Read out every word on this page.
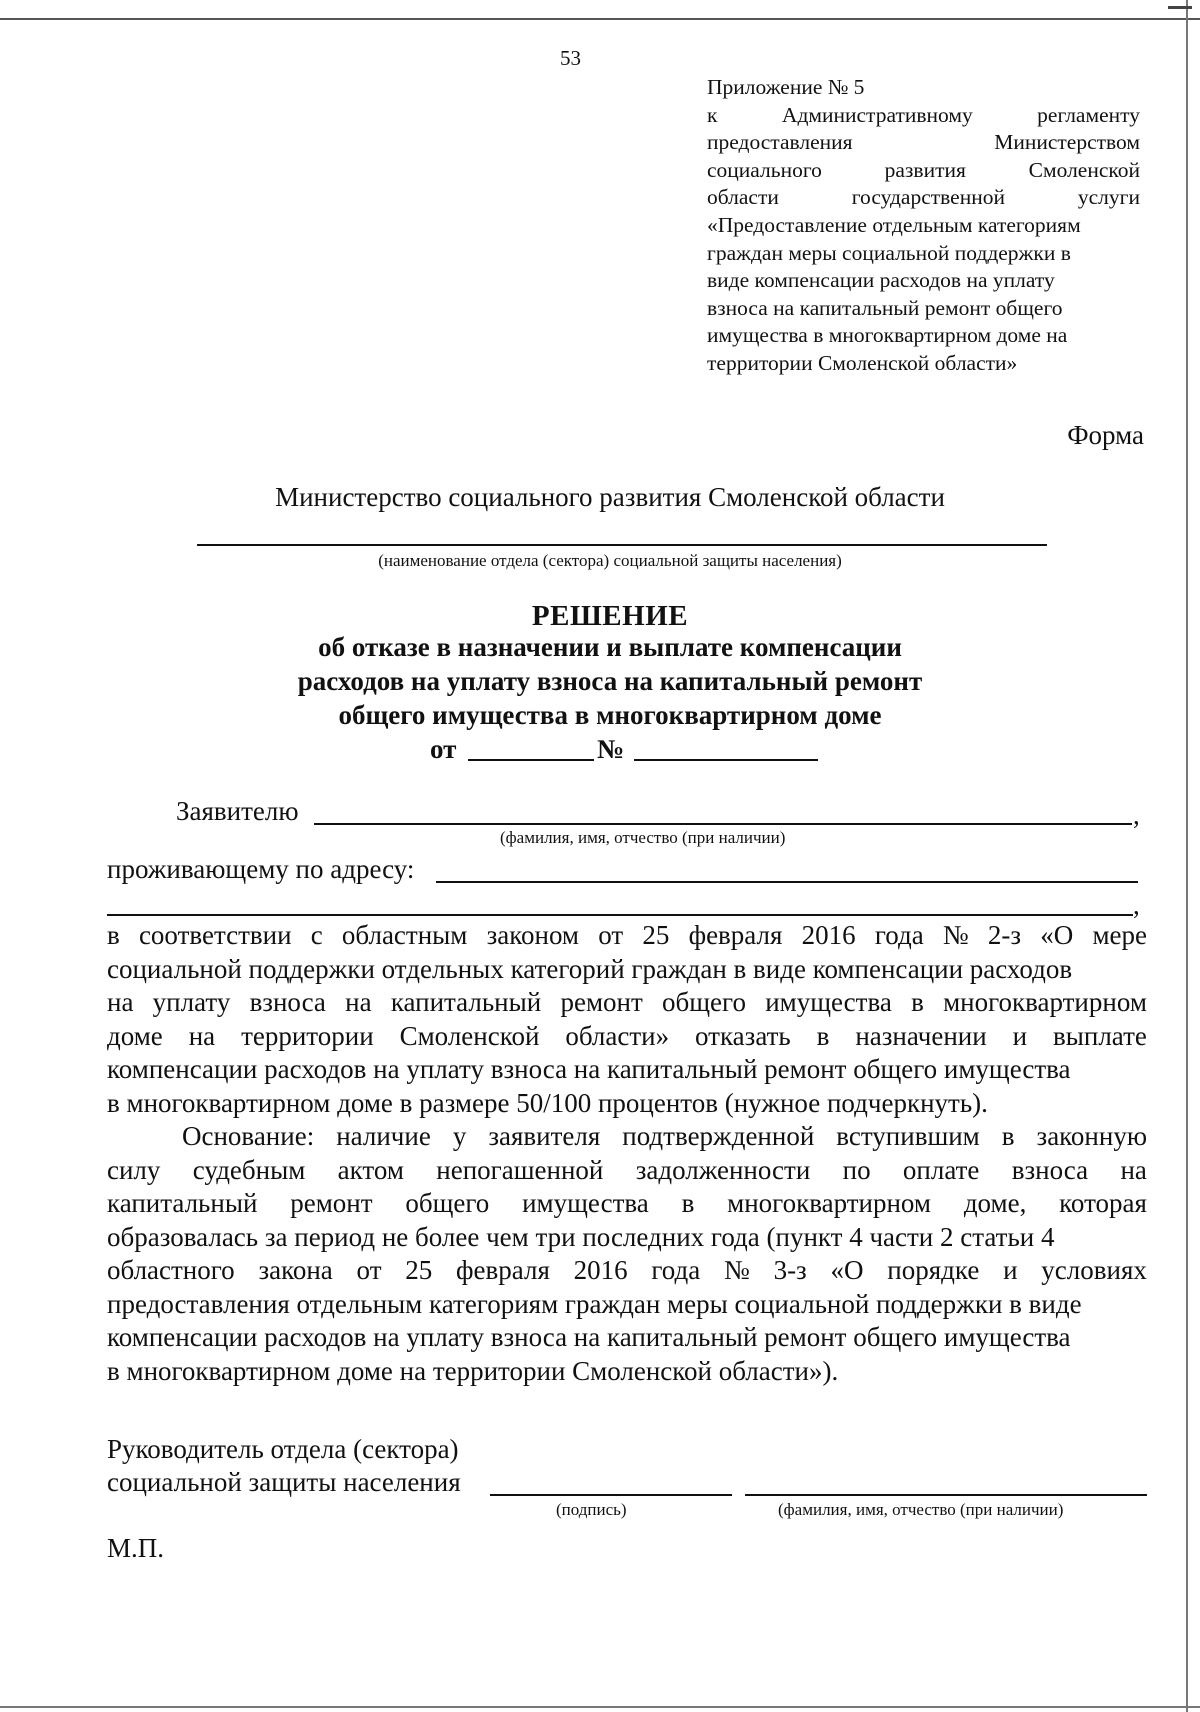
53
Приложение № 5
к	Административному	регламенту
предоставления	Министерством
социального	развития	Смоленской
области	государственной	услуги
«Предоставление отдельным категориям
граждан меры социальной поддержки в
виде компенсации расходов на уплату
взноса на капитальный ремонт общего
имущества в многоквартирном доме на
территории Смоленской области»
Форма
Министерство социального развития Смоленской области
(наименование отдела (сектора) социальной защиты населения)
РЕШЕНИЕ
об отказе в назначении и выплате компенсации
расходов на уплату взноса на капитальный ремонт
общего имущества в многоквартирном доме
от	№
Заявителю	,
(фамилия, имя, отчество (при наличии)
проживающему по адресу:
,
в соответствии с областным законом от 25 февраля 2016 года № 2-з «О мере
социальной поддержки отдельных категорий граждан в виде компенсации расходов
на уплату взноса на капитальный ремонт общего имущества в многоквартирном
доме на территории Смоленской области» отказать в назначении и выплате
компенсации расходов на уплату взноса на капитальный ремонт общего имущества
в многоквартирном доме в размере 50/100 процентов (нужное подчеркнуть).
Основание: наличие у заявителя подтвержденной вступившим в законную
силу судебным актом непогашенной задолженности по оплате взноса на
капитальный ремонт общего имущества в многоквартирном доме, которая
образовалась за период не более чем три последних года (пункт 4 части 2 статьи 4
областного закона от 25 февраля 2016 года № 3-з «О порядке и условиях
предоставления отдельным категориям граждан меры социальной поддержки в виде
компенсации расходов на уплату взноса на капитальный ремонт общего имущества
в многоквартирном доме на территории Смоленской области»).
Руководитель отдела (сектора)
социальной защиты населения
(подпись)	(фамилия, имя, отчество (при наличии)
М.П.
